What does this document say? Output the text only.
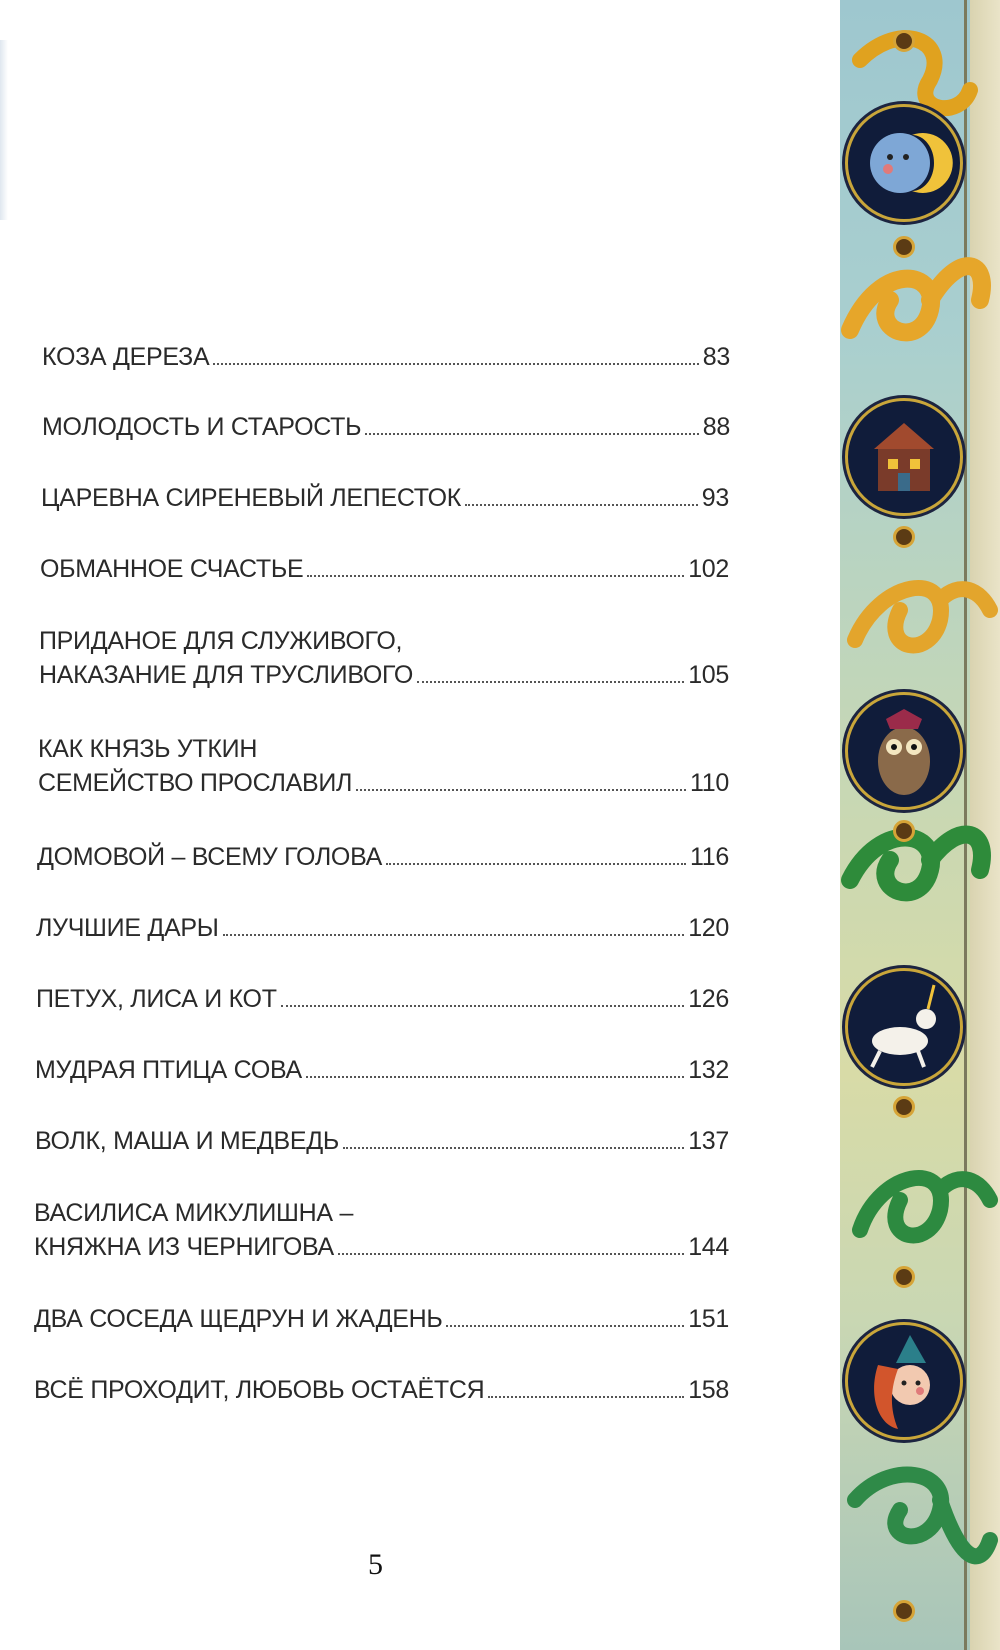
КОЗА ДЕРЕЗА	83
МОЛОДОСТЬ И СТАРОСТЬ	88
ЦАРЕВНА СИРЕНЕВЫЙ ЛЕПЕСТОК	93
ОБМАННОЕ СЧАСТЬЕ	102
ПРИДАНОЕ ДЛЯ СЛУЖИВОГО,
НАКАЗАНИЕ ДЛЯ ТРУСЛИВОГО	105
КАК КНЯЗЬ УТКИН
СЕМЕЙСТВО ПРОСЛАВИЛ	110
ДОМОВОЙ – ВСЕМУ ГОЛОВА	116
ЛУЧШИЕ ДАРЫ	120
ПЕТУХ, ЛИСА И КОТ	126
МУДРАЯ ПТИЦА СОВА	132
ВОЛК, МАША И МЕДВЕДЬ	137
ВАСИЛИСА МИКУЛИШНА –
КНЯЖНА ИЗ ЧЕРНИГОВА	144
ДВА СОСЕДА ЩЕДРУН И ЖАДЕНЬ	151
ВСЁ ПРОХОДИТ, ЛЮБОВЬ ОСТАЁТСЯ	158
5
